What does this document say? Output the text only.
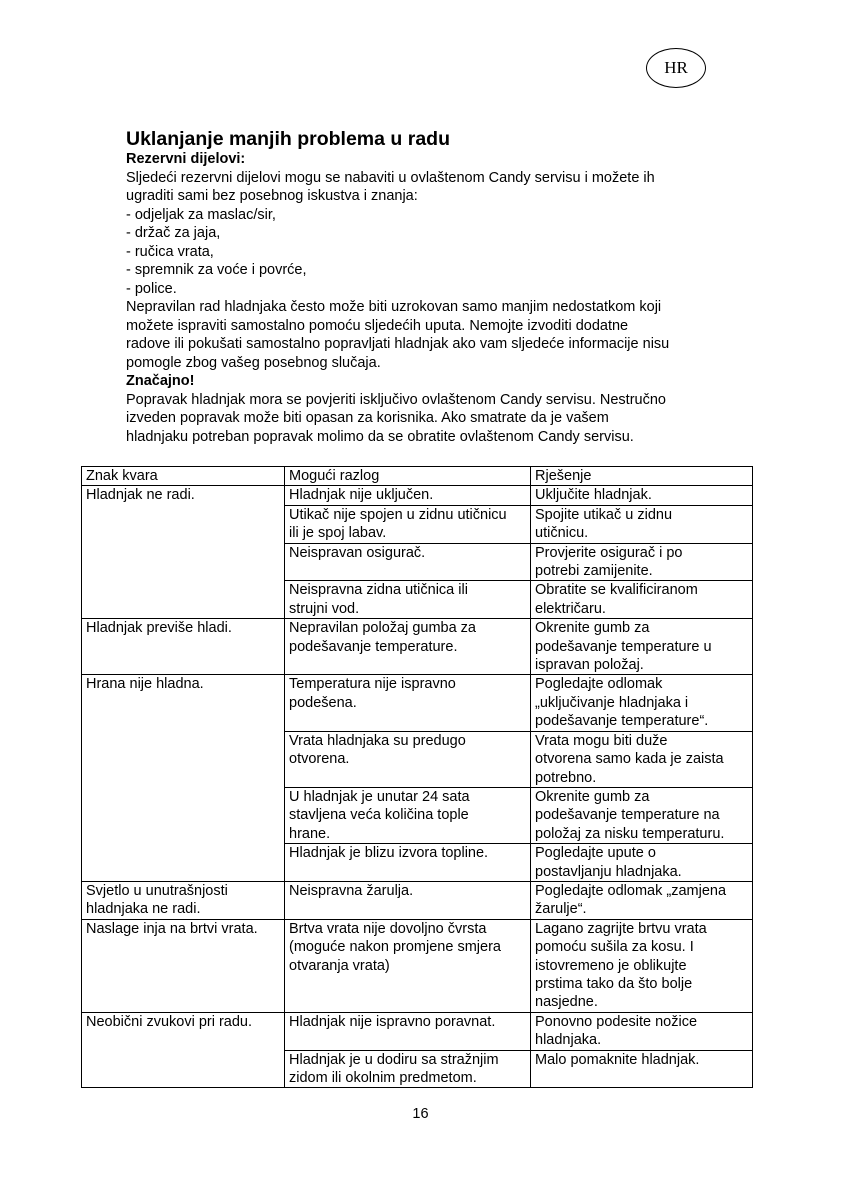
HR
Uklanjanje manjih problema u radu

Rezervni dijelovi:

Sljedeći rezervni dijelovi mogu se nabaviti u ovlaštenom Candy servisu i možete ih

ugraditi sami bez posebnog iskustva i znanja:

- odjeljak za maslac/sir,

- držač za jaja,

- ručica vrata,

- spremnik za voće i povrće,

- police.

Nepravilan rad hladnjaka često može biti uzrokovan samo manjim nedostatkom koji

možete ispraviti samostalno pomoću sljedećih uputa. Nemojte izvoditi dodatne

radove ili pokušati samostalno popravljati hladnjak ako vam sljedeće informacije nisu

pomogle zbog vašeg posebnog slučaja.

Značajno!

Popravak hladnjak mora se povjeriti isključivo ovlaštenom Candy servisu. Nestručno

izveden popravak može biti opasan za korisnika. Ako smatrate da je vašem

hladnjaku potreban popravak molimo da se obratite ovlaštenom Candy servisu.

Znak kvara	Mogući razlog	Rješenje

Hladnjak ne radi.	Hladnjak nije uključen.	Uključite hladnjak.

	Utikač nije spojen u zidnu utičnicu
ili je spoj labav.	Spojite utikač u zidnu
utičnicu.

	Neispravan osigurač.	Provjerite osigurač i po
potrebi zamijenite.

	Neispravna zidna utičnica ili
strujni vod.	Obratite se kvalificiranom
električaru.

Hladnjak previše hladi.	Nepravilan položaj gumba za
podešavanje temperature.	Okrenite gumb za
podešavanje temperature u
ispravan položaj.

Hrana nije hladna.	Temperatura nije ispravno
podešena.	Pogledajte odlomak
„uključivanje hladnjaka i
podešavanje temperature“.

	Vrata hladnjaka su predugo
otvorena.	Vrata mogu biti duže
otvorena samo kada je zaista
potrebno.

	U hladnjak je unutar 24 sata
stavljena veća količina tople
hrane.	Okrenite gumb za
podešavanje temperature na
položaj za nisku temperaturu.

	Hladnjak je blizu izvora topline.	Pogledajte upute o
postavljanju hladnjaka.

Svjetlo u unutrašnjosti
hladnjaka ne radi.	Neispravna žarulja.	Pogledajte odlomak „zamjena
žarulje“.

Naslage inja na brtvi vrata.	Brtva vrata nije dovoljno čvrsta
(moguće nakon promjene smjera
otvaranja vrata)	Lagano zagrijte brtvu vrata
pomoću sušila za kosu. I
istovremeno je oblikujte
prstima tako da što bolje
nasjedne.

Neobični zvukovi pri radu.	Hladnjak nije ispravno poravnat.	Ponovno podesite nožice
hladnjaka.

	Hladnjak je u dodiru sa stražnjim
zidom ili okolnim predmetom.	Malo pomaknite hladnjak.
16
